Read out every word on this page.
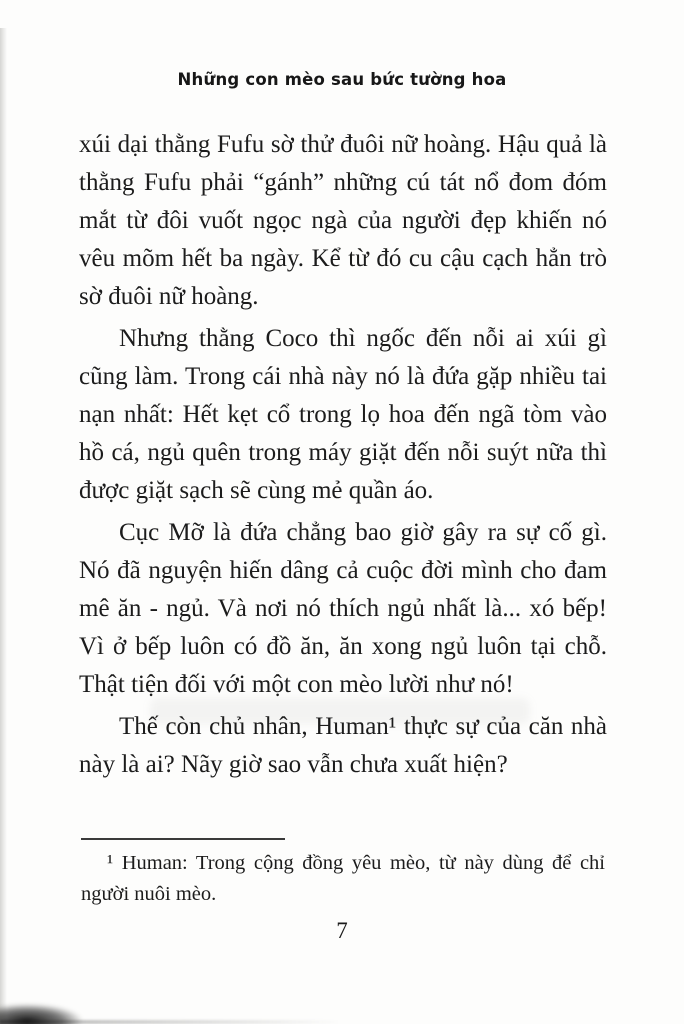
Những con mèo sau bức tường hoa

xúi dại thằng Fufu sờ thử đuôi nữ hoàng. Hậu quả là thằng Fufu phải “gánh” những cú tát nổ đom đóm mắt từ đôi vuốt ngọc ngà của người đẹp khiến nó vêu mõm hết ba ngày. Kể từ đó cu cậu cạch hẳn trò sờ đuôi nữ hoàng.

Nhưng thằng Coco thì ngốc đến nỗi ai xúi gì cũng làm. Trong cái nhà này nó là đứa gặp nhiều tai nạn nhất: Hết kẹt cổ trong lọ hoa đến ngã tòm vào hồ cá, ngủ quên trong máy giặt đến nỗi suýt nữa thì được giặt sạch sẽ cùng mẻ quần áo.

Cục Mỡ là đứa chẳng bao giờ gây ra sự cố gì. Nó đã nguyện hiến dâng cả cuộc đời mình cho đam mê ăn - ngủ. Và nơi nó thích ngủ nhất là... xó bếp! Vì ở bếp luôn có đồ ăn, ăn xong ngủ luôn tại chỗ. Thật tiện đối với một con mèo lười như nó!

Thế còn chủ nhân, Human¹ thực sự của căn nhà này là ai? Nãy giờ sao vẫn chưa xuất hiện?

¹ Human: Trong cộng đồng yêu mèo, từ này dùng để chỉ người nuôi mèo.

7
